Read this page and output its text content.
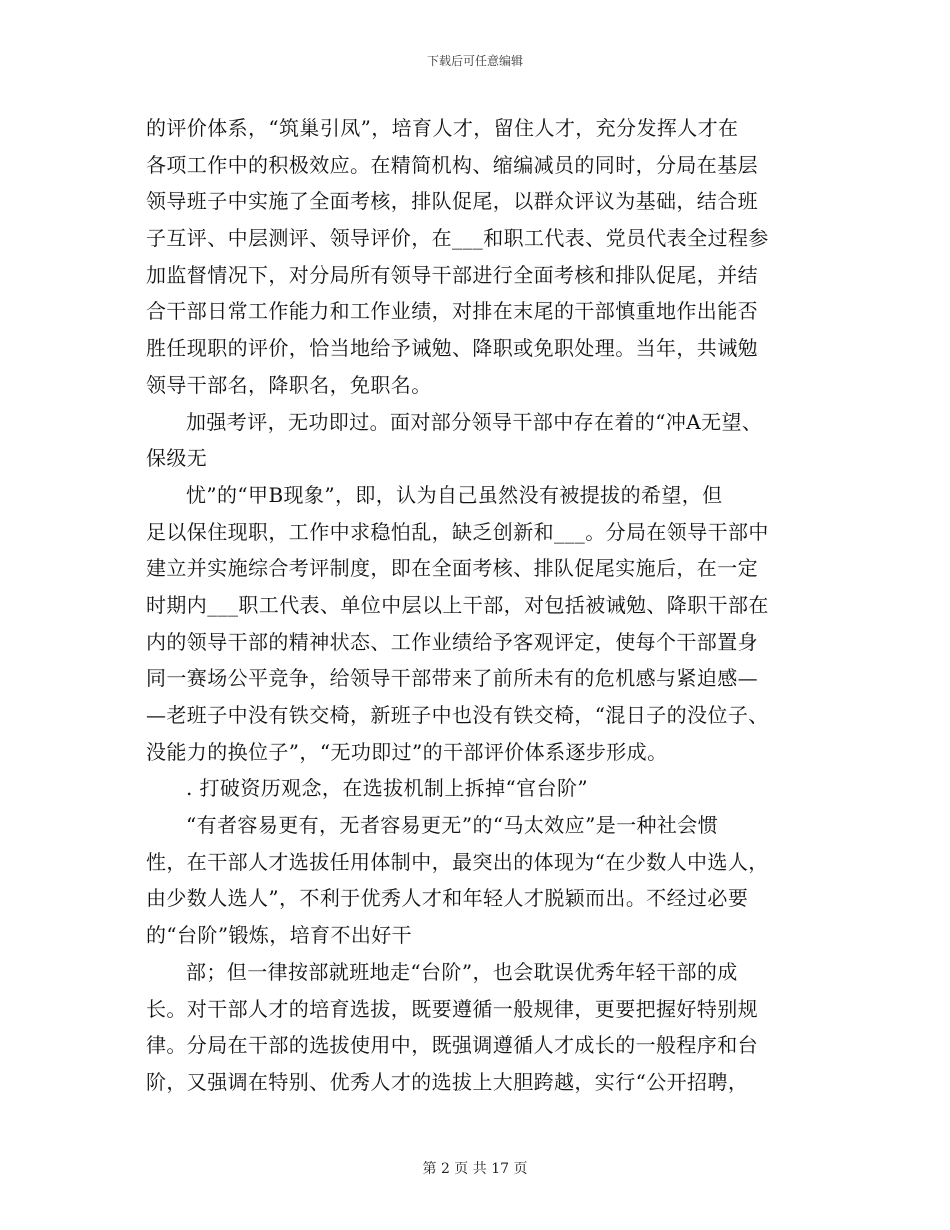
下载后可任意编辑
的评价体系，“筑巢引凤”，培育人才，留住人才，充分发挥人才在
各项工作中的积极效应。在精简机构、缩编减员的同时，分局在基层
领导班子中实施了全面考核，排队促尾，以群众评议为基础，结合班
子互评、中层测评、领导评价，在___和职工代表、党员代表全过程参
加监督情况下，对分局所有领导干部进行全面考核和排队促尾，并结
合干部日常工作能力和工作业绩，对排在末尾的干部慎重地作出能否
胜任现职的评价，恰当地给予诫勉、降职或免职处理。当年，共诫勉
领导干部名，降职名，免职名。
加强考评，无功即过。面对部分领导干部中存在着的“冲A无望、
保级无
忧”的“甲B现象”，即，认为自己虽然没有被提拔的希望，但
足以保住现职，工作中求稳怕乱，缺乏创新和___。分局在领导干部中
建立并实施综合考评制度，即在全面考核、排队促尾实施后，在一定
时期内___职工代表、单位中层以上干部，对包括被诫勉、降职干部在
内的领导干部的精神状态、工作业绩给予客观评定，使每个干部置身
同一赛场公平竞争，给领导干部带来了前所未有的危机感与紧迫感—
—老班子中没有铁交椅，新班子中也没有铁交椅，“混日子的没位子、
没能力的换位子”，“无功即过”的干部评价体系逐步形成。
. 打破资历观念，在选拔机制上拆掉“官台阶”
“有者容易更有，无者容易更无”的“马太效应”是一种社会惯
性，在干部人才选拔任用体制中，最突出的体现为“在少数人中选人，
由少数人选人”，不利于优秀人才和年轻人才脱颖而出。不经过必要
的“台阶”锻炼，培育不出好干
部；但一律按部就班地走“台阶”，也会耽误优秀年轻干部的成
长。对干部人才的培育选拔，既要遵循一般规律，更要把握好特别规
律。分局在干部的选拔使用中，既强调遵循人才成长的一般程序和台
阶，又强调在特别、优秀人才的选拔上大胆跨越，实行“公开招聘，
第 2 页 共 17 页
